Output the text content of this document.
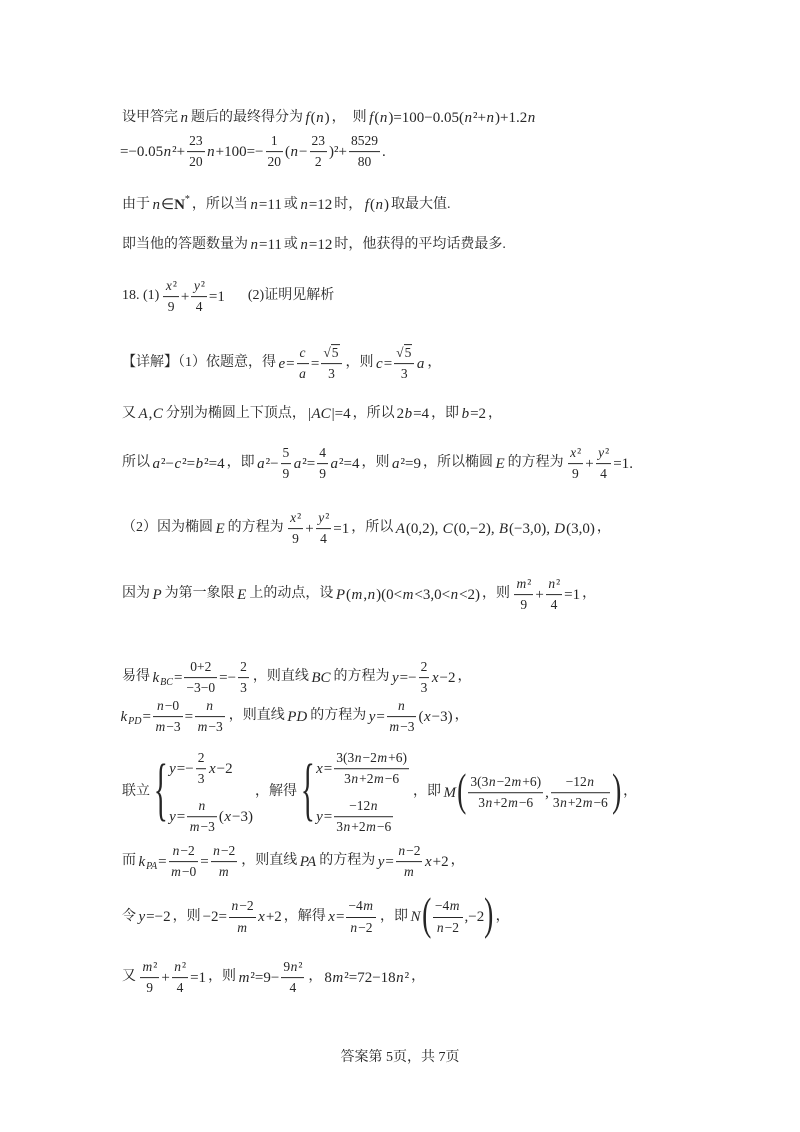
设甲答完 n 题后的最终得分为 f ( n ) ，  则 f ( n )=100−0.05( n ²+ n )+1.2 n
=−0.05 n $^2+ \frac{23}{20}$ $n +100=- \frac{1}{20}$ ( $n - \frac{23}{2} )^2+ \frac{8529}{80}$ .
由于 n ∈ N * ，所以当 n =11 或 n =12 时， f ( n ) 取最大值.
即当他的答题数量为 n =11 或 n =12 时，他获得的平均话费最多.
18. $(1) \frac{\text{x²}}{9} + \frac{\text{y²}}{4} =1$ (2)证明见解析
【详解】（1）依题意，得 $e = \frac{c}{a} = \frac{√5}{3}$ ，则 $c = \frac{√5}{3}$ a ，
又 A , C 分别为椭圆上下顶点， | AC |=4 ，所以 2 b =4 ，即 b =2 ，
所以 a ²− c ²= b ²=4 ，即 a $^2- \frac{5}{9}$ a $^2= \frac{4}{9}$ a ²=4 ，则 a ²=9 ，所以椭圆 E 的方程为 $\frac{\text{x²}}{9} + \frac{\text{y²}}{4} =1$ .
（2）因为椭圆 E 的方程为 $\frac{\text{x²}}{9} + \frac{\text{y²}}{4} =1$ ，所以 A (0,2), C (0,−2), B (−3,0), D (3,0) ，
因为 P 为第一象限 E 上的动点，设 P ( m , n )(0< m <3,0< n <2) ，则 $\frac{\text{m²}}{9} + \frac{\text{n²}}{4} =1$ ，
易得 k BC = $\frac{0+2}{-3-0} =- \frac{2}{3}$ ，则直线 BC 的方程为 $y =- \frac{2}{3}$ x −2 ，
k PD = $\frac{n-0}{m-3} = \frac{n}{m-3}$ ，则直线 PD 的方程为 $y = \frac{n}{m-3}$ ( x −3) ，
联立 { $y =- \frac{2}{3}$ x −2
$y = \frac{n}{m-3}$ ( x −3)
，解得 { $x = \frac{3(3n-2m+6)}{3n+2m-6}$
$y = \frac{-12n}{3n+2m-6}$
，即 M ( $\frac{3(3n-2m+6)}{3n+2m-6}$ , $\frac{-12n}{3n+2m-6}$ ) ，
而 k PA = $\frac{n-2}{m-0} = \frac{n-2}{m}$ ，则直线 PA 的方程为 $y = \frac{n-2}{m}$ x +2 ，
令 y =−2 ，则 $-2= \frac{n-2}{m}$ x +2 ，解得 $x = \frac{-4m}{n-2}$ ，即 N ( $\frac{-4m}{n-2} ,-2$ ) ，
又 $\frac{\text{m²}}{9} + \frac{\text{n²}}{4} =1$ ，则 m $^2=9- \frac{\text{9n²}}{4}$ ， 8 m ²=72−18 n ² ，
答案第 5页，共 7页
